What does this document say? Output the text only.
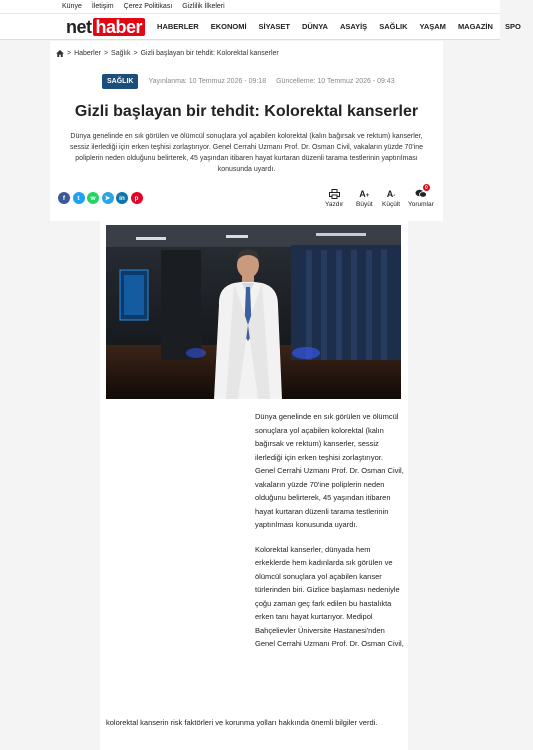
Künye İletişim Çerez Politikası Gizlilik İlkeleri
net haber	HABERLER EKONOMİ SİYASET DÜNYA ASAYİŞ SAĞLIK YAŞAM MAGAZİN SPO
> Haberler > Sağlık > Gizli başlayan bir tehdit: Kolorektal kanserler
SAĞLIK	Yayınlanma: 10 Temmuz 2026 - 09:18 Güncelleme: 10 Temmuz 2026 - 09:43
Gizli başlayan bir tehdit: Kolorektal kanserler

Dünya genelinde en sık görülen ve ölümcül sonuçlara yol açabilen kolorektal (kalın bağırsak ve rektum) kanserler, sessiz ilerlediği için erken teşhisi zorlaştırıyor. Genel Cerrahi Uzmanı Prof. Dr. Osman Civil, vakaların yüzde 70'ine poliplerin neden olduğunu belirterek, 45 yaşından itibaren hayat kurtaran düzenli tarama testlerinin yaptırılması konusunda uyardı.

f	t	w	➤	in	p
Yazdır
A +
Büyüt
A -
Küçült
0
Yorumlar

Dünya genelinde en sık görülen ve ölümcül sonuçlara yol açabilen kolorektal (kalın bağırsak ve rektum) kanserler, sessiz ilerlediği için erken teşhisi zorlaştırıyor. Genel Cerrahi Uzmanı Prof. Dr. Osman Civil, vakaların yüzde 70'ine poliplerin neden olduğunu belirterek, 45 yaşından itibaren hayat kurtaran düzenli tarama testlerinin yaptırılması konusunda uyardı.

Kolorektal kanserler, dünyada hem erkeklerde hem kadınlarda sık görülen ve ölümcül sonuçlara yol açabilen kanser türlerinden biri. Gizlice başlaması nedeniyle çoğu zaman geç fark edilen bu hastalıkta erken tanı hayat kurtarıyor. Medipol Bahçelievler Üniversite Hastanesi'nden Genel Cerrahi Uzmanı Prof. Dr. Osman Civil,

kolorektal kanserin risk faktörleri ve korunma yolları hakkında önemli bilgiler verdi.
